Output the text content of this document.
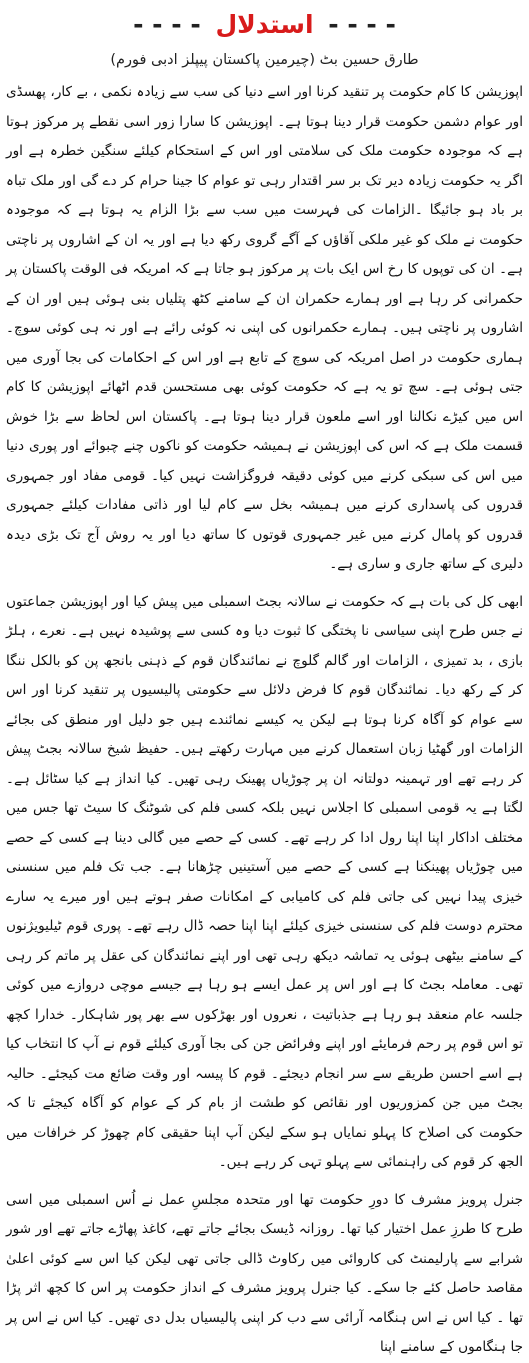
- - - - استدلال - - - -
طارق حسین بٹ (چیرمین پاکستان پیپلز ادبی فورم)

اپوزیشن کا کام حکومت پر تنقید کرنا اور اسے دنیا کی سب سے زیادہ نکمی ، بے کار، پھسڈی اور عوام دشمن حکومت قرار دینا ہوتا ہے۔ اپوزیشن کا سارا زور اسی نقطے پر مرکوز ہوتا ہے کہ موجودہ حکومت ملک کی سلامتی اور اس کے استحکام کیلئے سنگین خطرہ ہے اور اگر یہ حکومت زیادہ دیر تک بر سر اقتدار رہی تو عوام کا جینا حرام کر دے گی اور ملک تباہ بر باد ہو جائیگا ۔الزامات کی فہرست میں سب سے بڑا الزام یہ ہوتا ہے کہ موجودہ حکومت نے ملک کو غیر ملکی آقاؤں کے آگے گروی رکھ دیا ہے اور یہ ان کے اشاروں پر ناچتی ہے۔ ان کی توپوں کا رخ اس ایک بات پر مرکوز ہو جاتا ہے کہ امریکہ فی الوقت پاکستان پر حکمرانی کر رہا ہے اور ہمارے حکمران ان کے سامنے کٹھ پتلیاں بنی ہوئی ہیں اور ان کے اشاروں پر ناچتی ہیں۔ ہمارے حکمرانوں کی اپنی نہ کوئی رائے ہے اور نہ ہی کوئی سوچ۔ ہماری حکومت در اصل امریکہ کی سوچ کے تابع ہے اور اس کے احکامات کی بجا آوری میں جتی ہوئی ہے۔ سچ تو یہ ہے کہ حکومت کوئی بھی مستحسن قدم اٹھائے اپوزیشن کا کام اس میں کیڑے نکالنا اور اسے ملعون قرار دینا ہوتا ہے۔ پاکستان اس لحاظ سے بڑا خوش قسمت ملک ہے کہ اس کی اپوزیشن نے ہمیشہ حکومت کو ناکوں چنے چبوائے اور پوری دنیا میں اس کی سبکی کرنے میں کوئی دقیقہ فروگزاشت نہیں کیا۔ قومی مفاد اور جمہوری قدروں کی پاسداری کرنے میں ہمیشہ بخل سے کام لیا اور ذاتی مفادات کیلئے جمہوری قدروں کو پامال کرنے میں غیر جمہوری قوتوں کا ساتھ دیا اور یہ روش آج تک بڑی دیدہ دلیری کے ساتھ جاری و ساری ہے۔

ابھی کل کی بات ہے کہ حکومت نے سالانہ بجٹ اسمبلی میں پیش کیا اور اپوزیشن جماعتوں نے جس طرح اپنی سیاسی نا پختگی کا ثبوت دیا وہ کسی سے پوشیدہ نہیں ہے۔ نعرے ، ہلڑ بازی ، بد تمیزی ، الزامات اور گالم گلوچ نے نمائندگان قوم کے ذہنی بانجھ پن کو بالکل ننگا کر کے رکھ دیا۔ نمائندگان قوم کا فرض دلائل سے حکومتی پالیسیوں پر تنقید کرنا اور اس سے عوام کو آگاہ کرنا ہوتا ہے لیکن یہ کیسے نمائندے ہیں جو دلیل اور منطق کی بجائے الزامات اور گھٹیا زبان استعمال کرنے میں مہارت رکھتے ہیں۔ حفیظ شیخ سالانہ بجٹ پیش کر رہے تھے اور تہمینہ دولتانہ ان پر چوڑیاں پھینک رہی تھیں۔ کیا انداز ہے کیا سٹائل ہے۔ لگتا ہے یہ قومی اسمبلی کا اجلاس نہیں بلکہ کسی فلم کی شوٹنگ کا سیٹ تھا جس میں مختلف اداکار اپنا اپنا رول ادا کر رہے تھے۔ کسی کے حصے میں گالی دینا ہے کسی کے حصے میں چوڑیاں پھینکنا ہے کسی کے حصے میں آستینیں چڑھانا ہے۔ جب تک فلم میں سنسنی خیزی پیدا نہیں کی جاتی فلم کی کامیابی کے امکانات صفر ہوتے ہیں اور میرے یہ سارے محترم دوست فلم کی سنسنی خیزی کیلئے اپنا اپنا حصہ ڈال رہے تھے۔ پوری قوم ٹیلیویژنوں کے سامنے بیٹھی ہوئی یہ تماشہ دیکھ رہی تھی اور اپنے نمائندگان کی عقل پر ماتم کر رہی تھی۔ معاملہ بجٹ کا ہے اور اس پر عمل ایسے ہو رہا ہے جیسے موچی دروازے میں کوئی جلسہ عام منعقد ہو رہا ہے جذباتیت ، نعروں اور بھڑکوں سے بھر پور شاہکار۔ خدارا کچھ تو اس قوم پر رحم فرمایئے اور اپنے وفرائض جن کی بجا آوری کیلئے قوم نے آپ کا انتخاب کیا ہے اسے احسن طریقے سے سر انجام دیجئے۔ قوم کا پیسہ اور وقت ضائع مت کیجئے۔ حالیہ بجٹ میں جن کمزوریوں اور نقائص کو طشت از بام کر کے عوام کو آگاہ کیجئے تا کہ حکومت کی اصلاح کا پہلو نمایاں ہو سکے لیکن آپ اپنا حقیقی کام چھوڑ کر خرافات میں الجھ کر قوم کی راہنمائی سے پہلو تہی کر رہے ہیں۔

جنرل پرویز مشرف کا دورِ حکومت تھا اور متحدہ مجلسِ عمل نے اُس اسمبلی میں اسی طرح کا طرزِ عمل اختیار کیا تھا۔ روزانہ ڈیسک بجائے جاتے تھے، کاغذ پھاڑے جاتے تھے اور شور شرابے سے پارلیمنٹ کی کاروائی میں رکاوٹ ڈالی جاتی تھی لیکن کیا اس سے کوئی اعلیٰ مقاصد حاصل کئے جا سکے۔ کیا جنرل پرویز مشرف کے انداز حکومت پر اس کا کچھ اثر پڑا تھا ۔ کیا اس نے اس ہنگامہ آرائی سے دب کر اپنی پالیسیاں بدل دی تھیں۔ کیا اس نے اس پر جا ہنگاموں کے سامنے اپنا
